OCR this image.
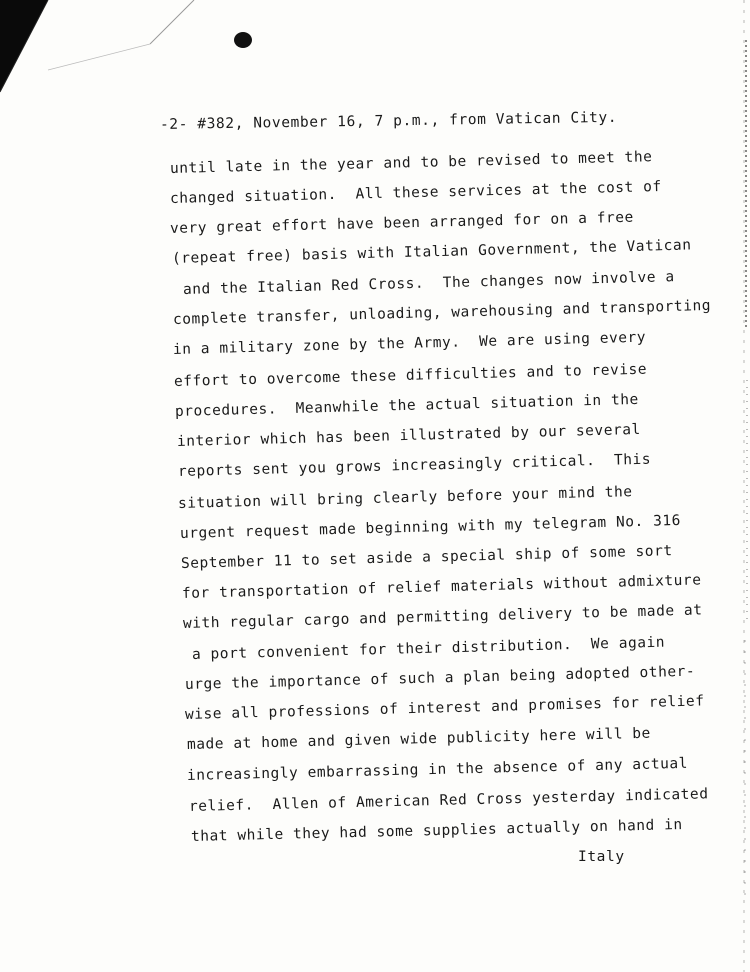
-2- #382, November 16, 7 p.m., from Vatican City.
until late in the year and to be revised to meet the
changed situation.  All these services at the cost of
very great effort have been arranged for on a free
(repeat free) basis with Italian Government, the Vatican
and the Italian Red Cross.  The changes now involve a
complete transfer, unloading, warehousing and transporting
in a military zone by the Army.  We are using every
effort to overcome these difficulties and to revise
procedures.  Meanwhile the actual situation in the
interior which has been illustrated by our several
reports sent you grows increasingly critical.  This
situation will bring clearly before your mind the
urgent request made beginning with my telegram No. 316
September 11 to set aside a special ship of some sort
for transportation of relief materials without admixture
with regular cargo and permitting delivery to be made at
a port convenient for their distribution.  We again
urge the importance of such a plan being adopted other-
wise all professions of interest and promises for relief
made at home and given wide publicity here will be
increasingly embarrassing in the absence of any actual
relief.  Allen of American Red Cross yesterday indicated
that while they had some supplies actually on hand in
Italy
